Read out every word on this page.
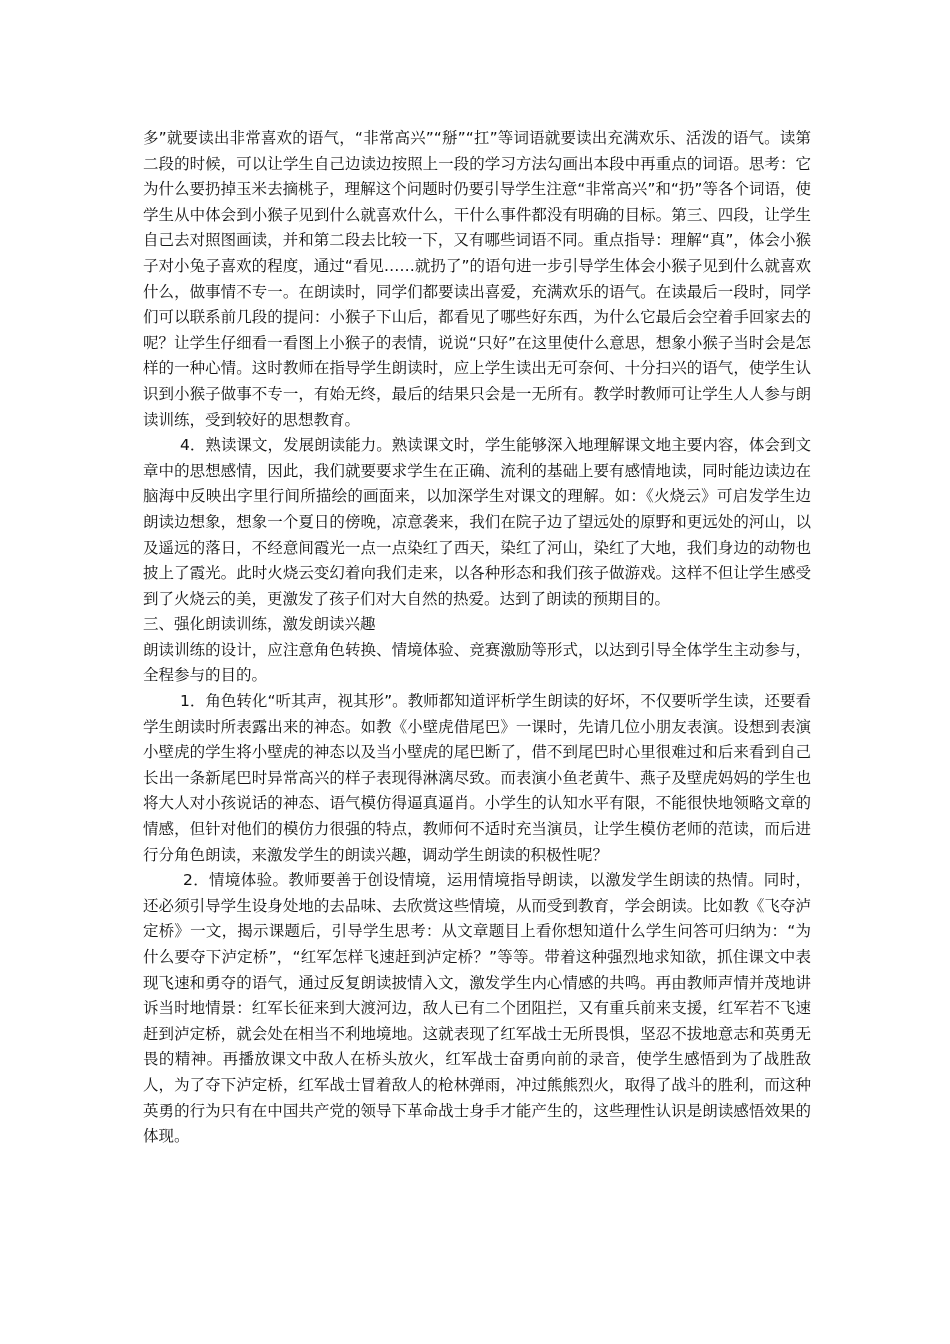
多”就要读出非常喜欢的语气，“非常高兴”“掰”“扛”等词语就要读出充满欢乐、活泼的语气。读第二段的时候，可以让学生自己边读边按照上一段的学习方法勾画出本段中再重点的词语。思考：它为什么要扔掉玉米去摘桃子，理解这个问题时仍要引导学生注意“非常高兴”和“扔”等各个词语，使学生从中体会到小猴子见到什么就喜欢什么，干什么事件都没有明确的目标。第三、四段，让学生自己去对照图画读，并和第二段去比较一下，又有哪些词语不同。重点指导：理解“真”，体会小猴子对小兔子喜欢的程度，通过“看见……就扔了”的语句进一步引导学生体会小猴子见到什么就喜欢什么，做事情不专一。在朗读时，同学们都要读出喜爱，充满欢乐的语气。在读最后一段时，同学们可以联系前几段的提问：小猴子下山后，都看见了哪些好东西，为什么它最后会空着手回家去的呢？让学生仔细看一看图上小猴子的表情，说说“只好”在这里使什么意思，想象小猴子当时会是怎样的一种心情。这时教师在指导学生朗读时，应上学生读出无可奈何、十分扫兴的语气，使学生认识到小猴子做事不专一，有始无终，最后的结果只会是一无所有。教学时教师可让学生人人参与朗读训练，受到较好的思想教育。

4．熟读课文，发展朗读能力。熟读课文时，学生能够深入地理解课文地主要内容，体会到文章中的思想感情，因此，我们就要要求学生在正确、流利的基础上要有感情地读，同时能边读边在脑海中反映出字里行间所描绘的画面来，以加深学生对课文的理解。如：《火烧云》可启发学生边朗读边想象，想象一个夏日的傍晚，凉意袭来，我们在院子边了望远处的原野和更远处的河山，以及遥远的落日，不经意间霞光一点一点染红了西天，染红了河山，染红了大地，我们身边的动物也披上了霞光。此时火烧云变幻着向我们走来，以各种形态和我们孩子做游戏。这样不但让学生感受到了火烧云的美，更激发了孩子们对大自然的热爱。达到了朗读的预期目的。

三、强化朗读训练，激发朗读兴趣

朗读训练的设计，应注意角色转换、情境体验、竞赛激励等形式，以达到引导全体学生主动参与，全程参与的目的。

1．角色转化“听其声，视其形”。教师都知道评析学生朗读的好坏，不仅要听学生读，还要看学生朗读时所表露出来的神态。如教《小壁虎借尾巴》一课时，先请几位小朋友表演。设想到表演小壁虎的学生将小壁虎的神态以及当小壁虎的尾巴断了，借不到尾巴时心里很难过和后来看到自己长出一条新尾巴时异常高兴的样子表现得淋漓尽致。而表演小鱼老黄牛、燕子及壁虎妈妈的学生也将大人对小孩说话的神态、语气模仿得逼真逼肖。小学生的认知水平有限，不能很快地领略文章的情感，但针对他们的模仿力很强的特点，教师何不适时充当演员，让学生模仿老师的范读，而后进行分角色朗读，来激发学生的朗读兴趣，调动学生朗读的积极性呢？

2．情境体验。教师要善于创设情境，运用情境指导朗读，以激发学生朗读的热情。同时，还必须引导学生设身处地的去品味、去欣赏这些情境，从而受到教育，学会朗读。比如教《飞夺泸定桥》一文，揭示课题后，引导学生思考：从文章题目上看你想知道什么学生问答可归纳为：“为什么要夺下泸定桥”，“红军怎样飞速赶到泸定桥？”等等。带着这种强烈地求知欲，抓住课文中表现飞速和勇夺的语气，通过反复朗读披情入文，激发学生内心情感的共鸣。再由教师声情并茂地讲诉当时地情景：红军长征来到大渡河边，敌人已有二个团阻拦，又有重兵前来支援，红军若不飞速赶到泸定桥，就会处在相当不利地境地。这就表现了红军战士无所畏惧，坚忍不拔地意志和英勇无畏的精神。再播放课文中敌人在桥头放火，红军战士奋勇向前的录音，使学生感悟到为了战胜敌人，为了夺下泸定桥，红军战士冒着敌人的枪林弹雨，冲过熊熊烈火，取得了战斗的胜利，而这种英勇的行为只有在中国共产党的领导下革命战士身手才能产生的，这些理性认识是朗读感悟效果的体现。
